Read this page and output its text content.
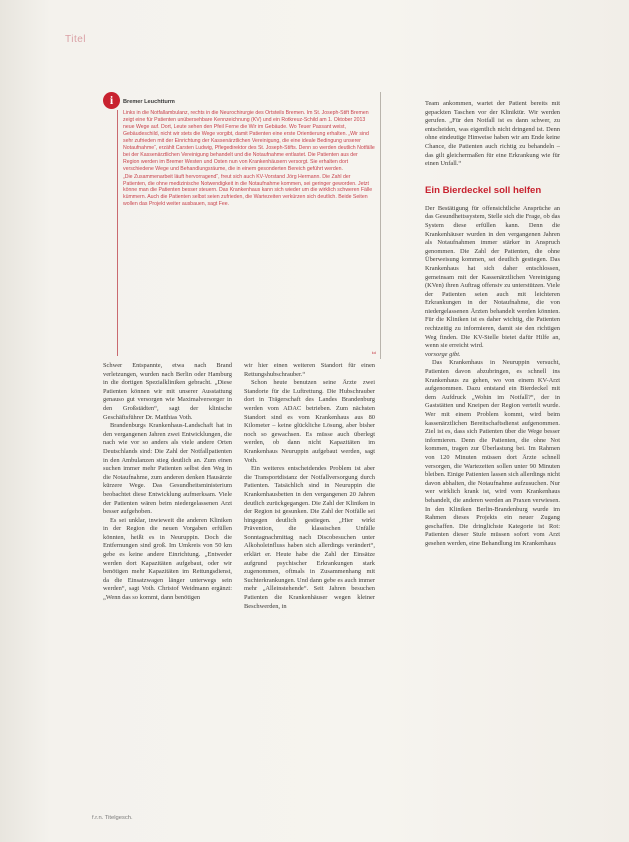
Titel
i	Bremer Leuchtturm

Links in die Notfallambulanz, rechts in die Neurochirurgie des Ortsteils Bremen. Im St. Joseph-Stift Bremen zeigt eine für Patienten unübersehbare Kennzeichnung (KV) und ein Rotkreuz-Schild am 1. Oktober 2013 neue Wege auf. Dort, Leute sehen den Pfeil Ferne die Wir im Gebäude. Wo Teuer Passant weist, Gebäudeschild, nicht wir stets die Wege vorgibt, damit Patienten eine erste Orientierung erhalten. „Wir sind sehr zufrieden mit der Einrichtung der Kassenärztlichen Vereinigung, die eine ideale Bedingung unserer Notaufnahme“, erzählt Carsten Ludwig, Pflegedirektor des St. Joseph-Stifts. Denn so werden deutlich Notfälle bei der Kassenärztlichen Vereinigung behandelt und die Notaufnahme entlastet. Die Patienten aus der Region werden im Bremer Westen und Osten nun von Krankenhäusern versorgt. Sie erhalten dort verschiedene Wege und Behandlungsräume, die in einem gesonderten Bereich geführt werden.

„Die Zusammenarbeit läuft hervorragend“, freut sich auch KV-Vorstand Jörg Hermann. Die Zahl der Patienten, die ohne medizinische Notwendigkeit in die Notaufnahme kommen, sei geringer geworden. Jetzt könne man die Patienten besser steuern. Das Krankenhaus kann sich wieder um die wirklich schweren Fälle kümmern. Auch die Patienten selbst seien zufrieden, die Wartezeiten verkürzen sich deutlich. Beide Seiten wollen das Projekt weiter ausbauen, sagt Fee.

kd

Schwer Entspannte, etwa nach Brand verletzungen, wurden nach Berlin oder Hamburg in die dortigen Spezialkliniken gebracht. „Diese Patienten können wir mit unserer Ausstattung genauso gut versorgen wie Maximalversorger in den Großstädten“, sagt der klinische Geschäftsführer Dr. Matthias Voth.

Brandenburgs Krankenhaus-Landschaft hat in den vergangenen Jahren zwei Entwicklungen, die nach wie vor so anders als viele andere Orten Deutschlands sind: Die Zahl der Notfallpatienten in den Ambulanzen stieg deutlich an. Zum einen suchen immer mehr Patienten selbst den Weg in die Notaufnahme, zum anderen denken Hausärzte kürzere Wege. Das Gesundheitsministerium beobachtet diese Entwicklung aufmerksam. Viele der Patienten wären beim niedergelassenen Arzt besser aufgehoben.

Es sei unklar, inwieweit die anderen Kliniken in der Region die neuen Vorgaben erfüllen könnten, heißt es in Neuruppin. Doch die Entfernungen sind groß. Im Umkreis von 50 km gebe es keine andere Einrichtung. „Entweder werden dort Kapazitäten aufgebaut, oder wir benötigen mehr Kapazitäten im Rettungsdienst, da die Einsatzwagen länger unterwegs sein werden“, sagt Voth. Christof Weidmann ergänzt: „Wenn das so kommt, dann benötigen

wir hier einen weiteren Standort für einen Rettungshubschrauber.“

Schon heute benutzen seine Ärzte zwei Standorte für die Luftrettung. Die Hubschrauber dort in Trägerschaft des Landes Brandenburg werden vom ADAC betrieben. Zum nächsten Standort sind es vom Krankenhaus aus 80 Kilometer – keine glückliche Lösung, aber bisher noch so gewachsen. Es müsse auch überlegt werden, ob dann nicht Kapazitäten im Krankenhaus Neuruppin aufgebaut werden, sagt Voth.

Ein weiteres entscheidendes Problem ist aber die Transportdistanz der Notfallversorgung durch Patienten. Tatsächlich sind in Neuruppin die Krankenhausbetten in den vergangenen 20 Jahren deutlich zurückgegangen. Die Zahl der Kliniken in der Region ist gesunken. Die Zahl der Notfälle sei hingegen deutlich gestiegen. „Hier wirkt Prävention, die klassischen Unfälle Sonntagnachmittag nach Discobesuchen unter Alkoholeinfluss haben sich allerdings verändert“, erklärt er. Heute habe die Zahl der Einsätze aufgrund psychischer Erkrankungen stark zugenommen, oftmals in Zusammenhang mit Suchterkrankungen. Und dann gebe es auch immer mehr „Alleinstehende“. Seit Jahren besuchen Patienten die Krankenhäuser wegen kleiner Beschwerden, in

Team ankommen, wartet der Patient bereits mit gepackten Taschen vor der Kliniktür. Wir werden gerufen. „Für den Notfall ist es dann schwer, zu entscheiden, was eigentlich nicht dringend ist. Denn ohne eindeutige Hinweise haben wir am Ende keine Chance, die Patienten auch richtig zu behandeln – das gilt gleichermaßen für eine Erkrankung wie für einen Unfall.“

Ein Bierdeckel soll helfen

Der Bestätigung für offensichtliche Ansprüche an das Gesundheitssystem, Stelle sich die Frage, ob das System diese erfüllen kann. Denn die Krankenhäuser wurden in den vergangenen Jahren als Notaufnahmen immer stärker in Anspruch genommen. Die Zahl der Patienten, die ohne Überweisung kommen, sei deutlich gestiegen. Das Krankenhaus hat sich daher entschlossen, gemeinsam mit der Kassenärztlichen Vereinigung (KVen) ihren Auftrag offensiv zu unterstützen. Viele der Patienten seien auch mit leichteren Erkrankungen in der Notaufnahme, die von niedergelassenen Ärzten behandelt werden könnten. Für die Kliniken ist es daher wichtig, die Patienten rechtzeitig zu informieren, damit sie den richtigen Weg finden. Die KV-Stelle bietet dafür Hilfe an, wenn sie erreicht wird.

vorsorge gibt.

Das Krankenhaus in Neuruppin versucht, Patienten davon abzubringen, es schnell ins Krankenhaus zu gehen, wo von einem KV-Arzt aufgenommen. Dazu entstand ein Bierdeckel mit dem Aufdruck „Wohin im Notfall?“, der in Gaststätten und Kneipen der Region verteilt wurde. Wer mit einem Problem kommt, wird beim kassenärztlichen Bereitschaftsdienst aufgenommen. Ziel ist es, dass sich Patienten über die Wege besser informieren. Denn die Patienten, die ohne Not kommen, tragen zur Überlastung bei. Im Rahmen von 120 Minuten müssen dort Ärzte schnell versorgen, die Wartezeiten sollen unter 90 Minuten bleiben. Einige Patienten lassen sich allerdings nicht davon abhalten, die Notaufnahme aufzusuchen. Nur wer wirklich krank ist, wird vom Krankenhaus behandelt, die anderen werden an Praxen verwiesen. In den Kliniken Berlin-Brandenburg wurde im Rahmen dieses Projekts ein neuer Zugang geschaffen. Die dringlichste Kategorie ist Rot: Patienten dieser Stufe müssen sofort vom Arzt gesehen werden, eine Behandlung im Krankenhaus

f.r.n. Titelgesch.
